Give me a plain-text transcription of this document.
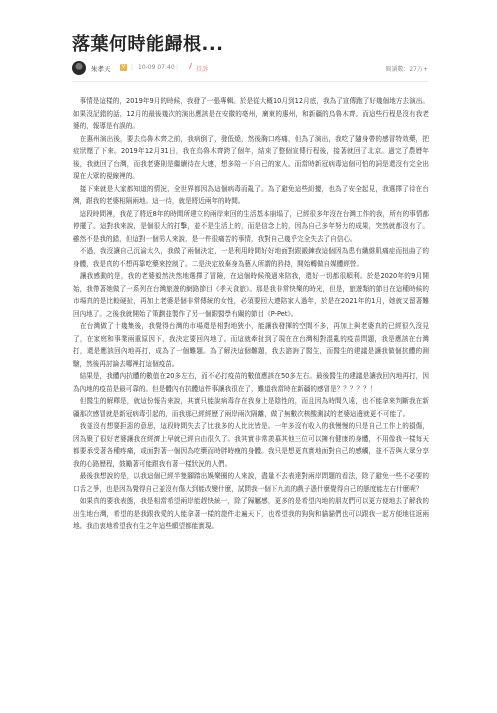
落葉何時能歸根...
朱孝天	V | 10-09 07:40 |	投訴	閱讀數：27万+

　事情是這樣的，2019年9月的時候，我發了一張專輯。於是從大概10月到12月底，我為了宣傳跑了好幾個地方去演出。如果沒記錯的話，12月的最後幾次的演出應該是在安徽的亳州，廣東的惠州，和新疆的烏魯木齊。而這些行程是沒有我老婆的，報導是有誤的。

　在惠州演出後，要去烏魯木齊之前，我病倒了，發低燒，然後胸口疼痛，但為了演出，我吃了隨身帶的感冒特效藥，把症狀壓了下來。2019年12月31日，我在烏魯木齊跨了個年，結束了整個宣傳行程後，接著就回了北京。過完了農曆年後，我就回了台灣，而我老婆則是繼續待在大連，想多陪一下自己的家人。而當時新冠病毒這個可怕的詞是還沒有完全出現在大眾的視線裡的。

　接下來就是大家都知道的情況，全世界都因為這個病毒而亂了。為了避免這些紛擾，也為了安全起見，我選擇了待在台灣，跟我的老婆相隔兩地。這一待，就是將近兩年的時間。

　這段時間裡，我花了將近8年的時間所建立的兩岸來回的生活基本崩塌了，已經很多年沒在台灣工作的我，所有的事情都停擺了。這對我來說，是個很大的打擊，並不是生活上的，而是信念上的，因為自己多年努力的成果，突然就都沒有了。雖然不是我的錯，但這對一個男人來說，是一件很痛苦的事情，我對自己幾乎完全失去了自信心。

　不過，我沒讓自己沉淪太久，我做了兩個決定，一是利用時間好好地面對跟鍛鍊我這個因為患有纖維肌痛症而扭曲了的身體，我是真的不想再靠吃藥來控制了。二是決定放棄身為藝人所謂的矜持，開始轉做自媒體經營。

　讓我感動的是，我的老婆毅然決然地選擇了冒險，在這個時候飛過來陪我，還好一切都很順利。於是2020年的9月開始，我帶著她做了一系列在台灣旅遊的網路節目《孝天食旅》。那是我非常快樂的時光，但是，旅遊類的節目在這種時候的市場真的是比較硬扯，再加上老婆是個非常傳統的女性，必須要回大連陪家人過年，於是在2021年的1月，她就又留著難回內地了。之後我就開始了策劃並製作了另一個跟醫學有關的節目《P-Pet》。

　在台灣做了十幾集後，我覺得台灣的市場還是相對地狹小，能讓我發揮的空間不多，再加上與老婆真的已經很久沒見了，在家庭和事業兩重原因下，我決定要回內地了。而這就牽扯到了現在在台灣相對混亂的疫苗問題，我是應該在台灣打，還是應該回內地再打，成為了一個難題。為了解決這個難題，我去諮詢了醫生，而醫生的建議是讓我做個抗體的測驗，然後再討論去哪裡打這個疫苗。

　結果是，我體內抗體的數值在20多左右，而不必打疫苗的數值應該在50多左右。最後醫生的建議是讓我回內地再打，因為內地的疫苗是最可靠的。但是體內有抗體這件事讓我很在了，難道我當時在新疆的感冒是？？？？？！

　但醫生的解釋是，就這份報告來說，其實只能說病毒存在我身上是陰性的，而且因為時間久遠，也不能拿來判斷我在新疆那次感冒就是新冠病毒引起的，而我那已經經歷了兩岸兩次隔離，做了無數次核酸測試的老婆這邊就更不可能了。

　我並沒有想要拒惡的意思，這段時間失去了比我多的人比比皆是。一年多沒有收入的我慢慢的只是自己工作上的損傷，因為聚了很好老婆讓我在經濟上早就已經自由很久了。我其實非常羨慕其他三位可以擁有健康的身體，不用像我一樣每天都要承受著各種疼痛，或面對著一個因為吃藥而時胖時瘦的身體。我只是想更真實地面對自己的感觸，並不否與大眾分享我的心路歷程，鼓勵著可能跟我有著一樣狀況的人們。

　最後我想說的是，以我這個已經半隻腳踏出娛樂圈的人來說，盡量不去表達對兩岸問題的看法，除了避免一些不必要的口舌之爭，也是因為覺得自己並沒有傷大到能改變什麼，試問我一個下九流的戲子憑什麼覺得自己的態度能左右什麼呢？

　如果真的要我表態，我是相當希望兩岸能趕快統一，除了歸屬感，更多的是希望內地的朋友們可以更方便地去了解我的出生地台灣，希望的是我跟我愛的人能拿著一樣的證件走遍天下，也希望我的狗狗和貓貓們也可以跟我一起方便地往返兩地。我由衷地希望我有生之年這些願望都能實現。
